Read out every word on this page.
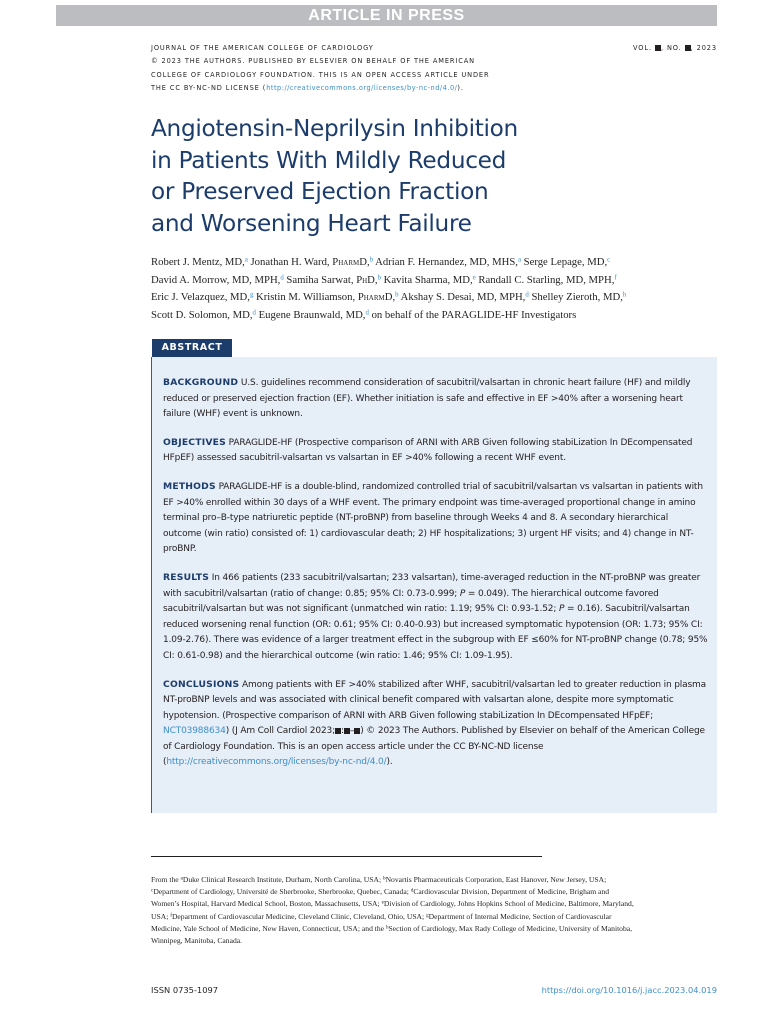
ARTICLE IN PRESS
JOURNAL OF THE AMERICAN COLLEGE OF CARDIOLOGY
© 2023 THE AUTHORS. PUBLISHED BY ELSEVIER ON BEHALF OF THE AMERICAN
COLLEGE OF CARDIOLOGY FOUNDATION. THIS IS AN OPEN ACCESS ARTICLE UNDER
THE CC BY-NC-ND LICENSE (http://creativecommons.org/licenses/by-nc-nd/4.0/).
VOL. , NO. , 2023
Angiotensin-Neprilysin Inhibition
in Patients With Mildly Reduced
or Preserved Ejection Fraction
and Worsening Heart Failure
Robert J. Mentz, MD,$^a$ Jonathan H. Ward, PharmD,$^b$ Adrian F. Hernandez, MD, MHS,$^a$ Serge Lepage, MD,$^c$
David A. Morrow, MD, MPH,$^d$ Samiha Sarwat, PhD,$^b$ Kavita Sharma, MD,$^e$ Randall C. Starling, MD, MPH,$^f$
Eric J. Velazquez, MD,$^g$ Kristin M. Williamson, PharmD,$^b$ Akshay S. Desai, MD, MPH,$^d$ Shelley Zieroth, MD,$^h$
Scott D. Solomon, MD,$^d$ Eugene Braunwald, MD,$^d$ on behalf of the PARAGLIDE-HF Investigators
ABSTRACT

BACKGROUND U.S. guidelines recommend consideration of sacubitril/valsartan in chronic heart failure (HF) and mildly reduced or preserved ejection fraction (EF). Whether initiation is safe and effective in EF >40% after a worsening heart failure (WHF) event is unknown.

OBJECTIVES PARAGLIDE-HF (Prospective comparison of ARNI with ARB Given following stabiLization In DEcompensated HFpEF) assessed sacubitril-valsartan vs valsartan in EF >40% following a recent WHF event.

METHODS PARAGLIDE-HF is a double-blind, randomized controlled trial of sacubitril/valsartan vs valsartan in patients with EF >40% enrolled within 30 days of a WHF event. The primary endpoint was time-averaged proportional change in amino terminal pro–B-type natriuretic peptide (NT-proBNP) from baseline through Weeks 4 and 8. A secondary hierarchical outcome (win ratio) consisted of: 1) cardiovascular death; 2) HF hospitalizations; 3) urgent HF visits; and 4) change in NT-proBNP.

RESULTS In 466 patients (233 sacubitril/valsartan; 233 valsartan), time-averaged reduction in the NT-proBNP was greater with sacubitril/valsartan (ratio of change: 0.85; 95% CI: 0.73-0.999; P = 0.049). The hierarchical outcome favored sacubitril/valsartan but was not significant (unmatched win ratio: 1.19; 95% CI: 0.93-1.52; P = 0.16). Sacubitril/valsartan reduced worsening renal function (OR: 0.61; 95% CI: 0.40-0.93) but increased symptomatic hypotension (OR: 1.73; 95% CI: 1.09-2.76). There was evidence of a larger treatment effect in the subgroup with EF ≤60% for NT-proBNP change (0.78; 95% CI: 0.61-0.98) and the hierarchical outcome (win ratio: 1.46; 95% CI: 1.09-1.95).

CONCLUSIONS Among patients with EF >40% stabilized after WHF, sacubitril/valsartan led to greater reduction in plasma NT-proBNP levels and was associated with clinical benefit compared with valsartan alone, despite more symptomatic hypotension. (Prospective comparison of ARNI with ARB Given following stabiLization In DEcompensated HFpEF; NCT03988634) (J Am Coll Cardiol 2023; : – ) © 2023 The Authors. Published by Elsevier on behalf of the American College of Cardiology Foundation. This is an open access article under the CC BY-NC-ND license (http://creativecommons.org/licenses/by-nc-nd/4.0/).

From the $^a$Duke Clinical Research Institute, Durham, North Carolina, USA; $^b$Novartis Pharmaceuticals Corporation, East Hanover, New Jersey, USA; $^c$Department of Cardiology, Université de Sherbrooke, Sherbrooke, Quebec, Canada; $^d$Cardiovascular Division, Department of Medicine, Brigham and Women’s Hospital, Harvard Medical School, Boston, Massachusetts, USA; $^e$Division of Cardiology, Johns Hopkins School of Medicine, Baltimore, Maryland, USA; $^f$Department of Cardiovascular Medicine, Cleveland Clinic, Cleveland, Ohio, USA; $^g$Department of Internal Medicine, Section of Cardiovascular Medicine, Yale School of Medicine, New Haven, Connecticut, USA; and the $^h$Section of Cardiology, Max Rady College of Medicine, University of Manitoba, Winnipeg, Manitoba, Canada.
ISSN 0735-1097	https://doi.org/10.1016/j.jacc.2023.04.019
